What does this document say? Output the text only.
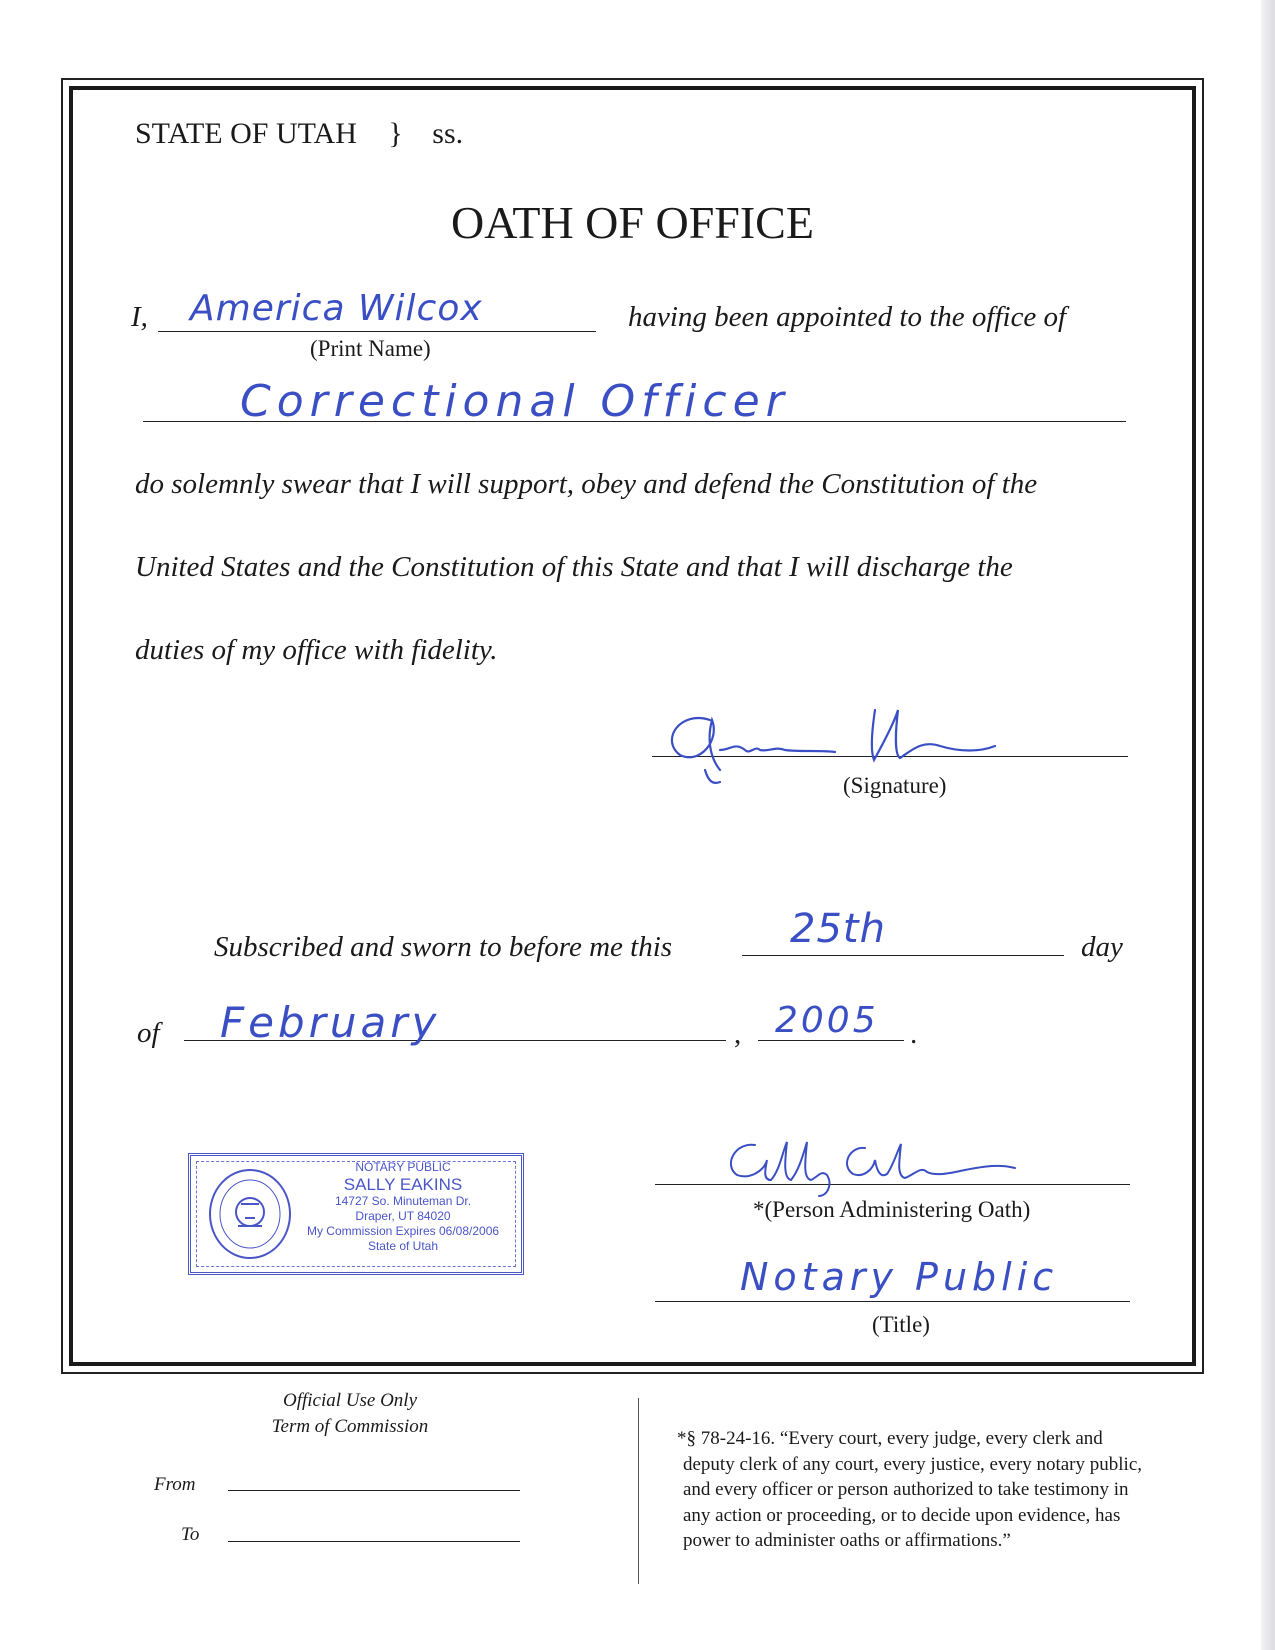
STATE OF UTAH } ss.
OATH OF OFFICE
I, America Wilcox
(Print Name)
having been appointed to the office of
Correctional Officer
do solemnly swear that I will support, obey and defend the Constitution of the
United States and the Constitution of this State and that I will discharge the
duties of my office with fidelity.
(Signature)
Subscribed and sworn to before me this	25th	day
of February	, 2005 .
NOTARY PUBLIC
SALLY EAKINS
14727 So. Minuteman Dr.
Draper, UT 84020
My Commission Expires 06/08/2006
State of Utah
*(Person Administering Oath)
Notary Public
(Title)
Official Use Only
Term of Commission
From
To
*§ 78-24-16. “Every court, every judge, every clerk and
deputy clerk of any court, every justice, every notary public,
and every officer or person authorized to take testimony in
any action or proceeding, or to decide upon evidence, has
power to administer oaths or affirmations.”
